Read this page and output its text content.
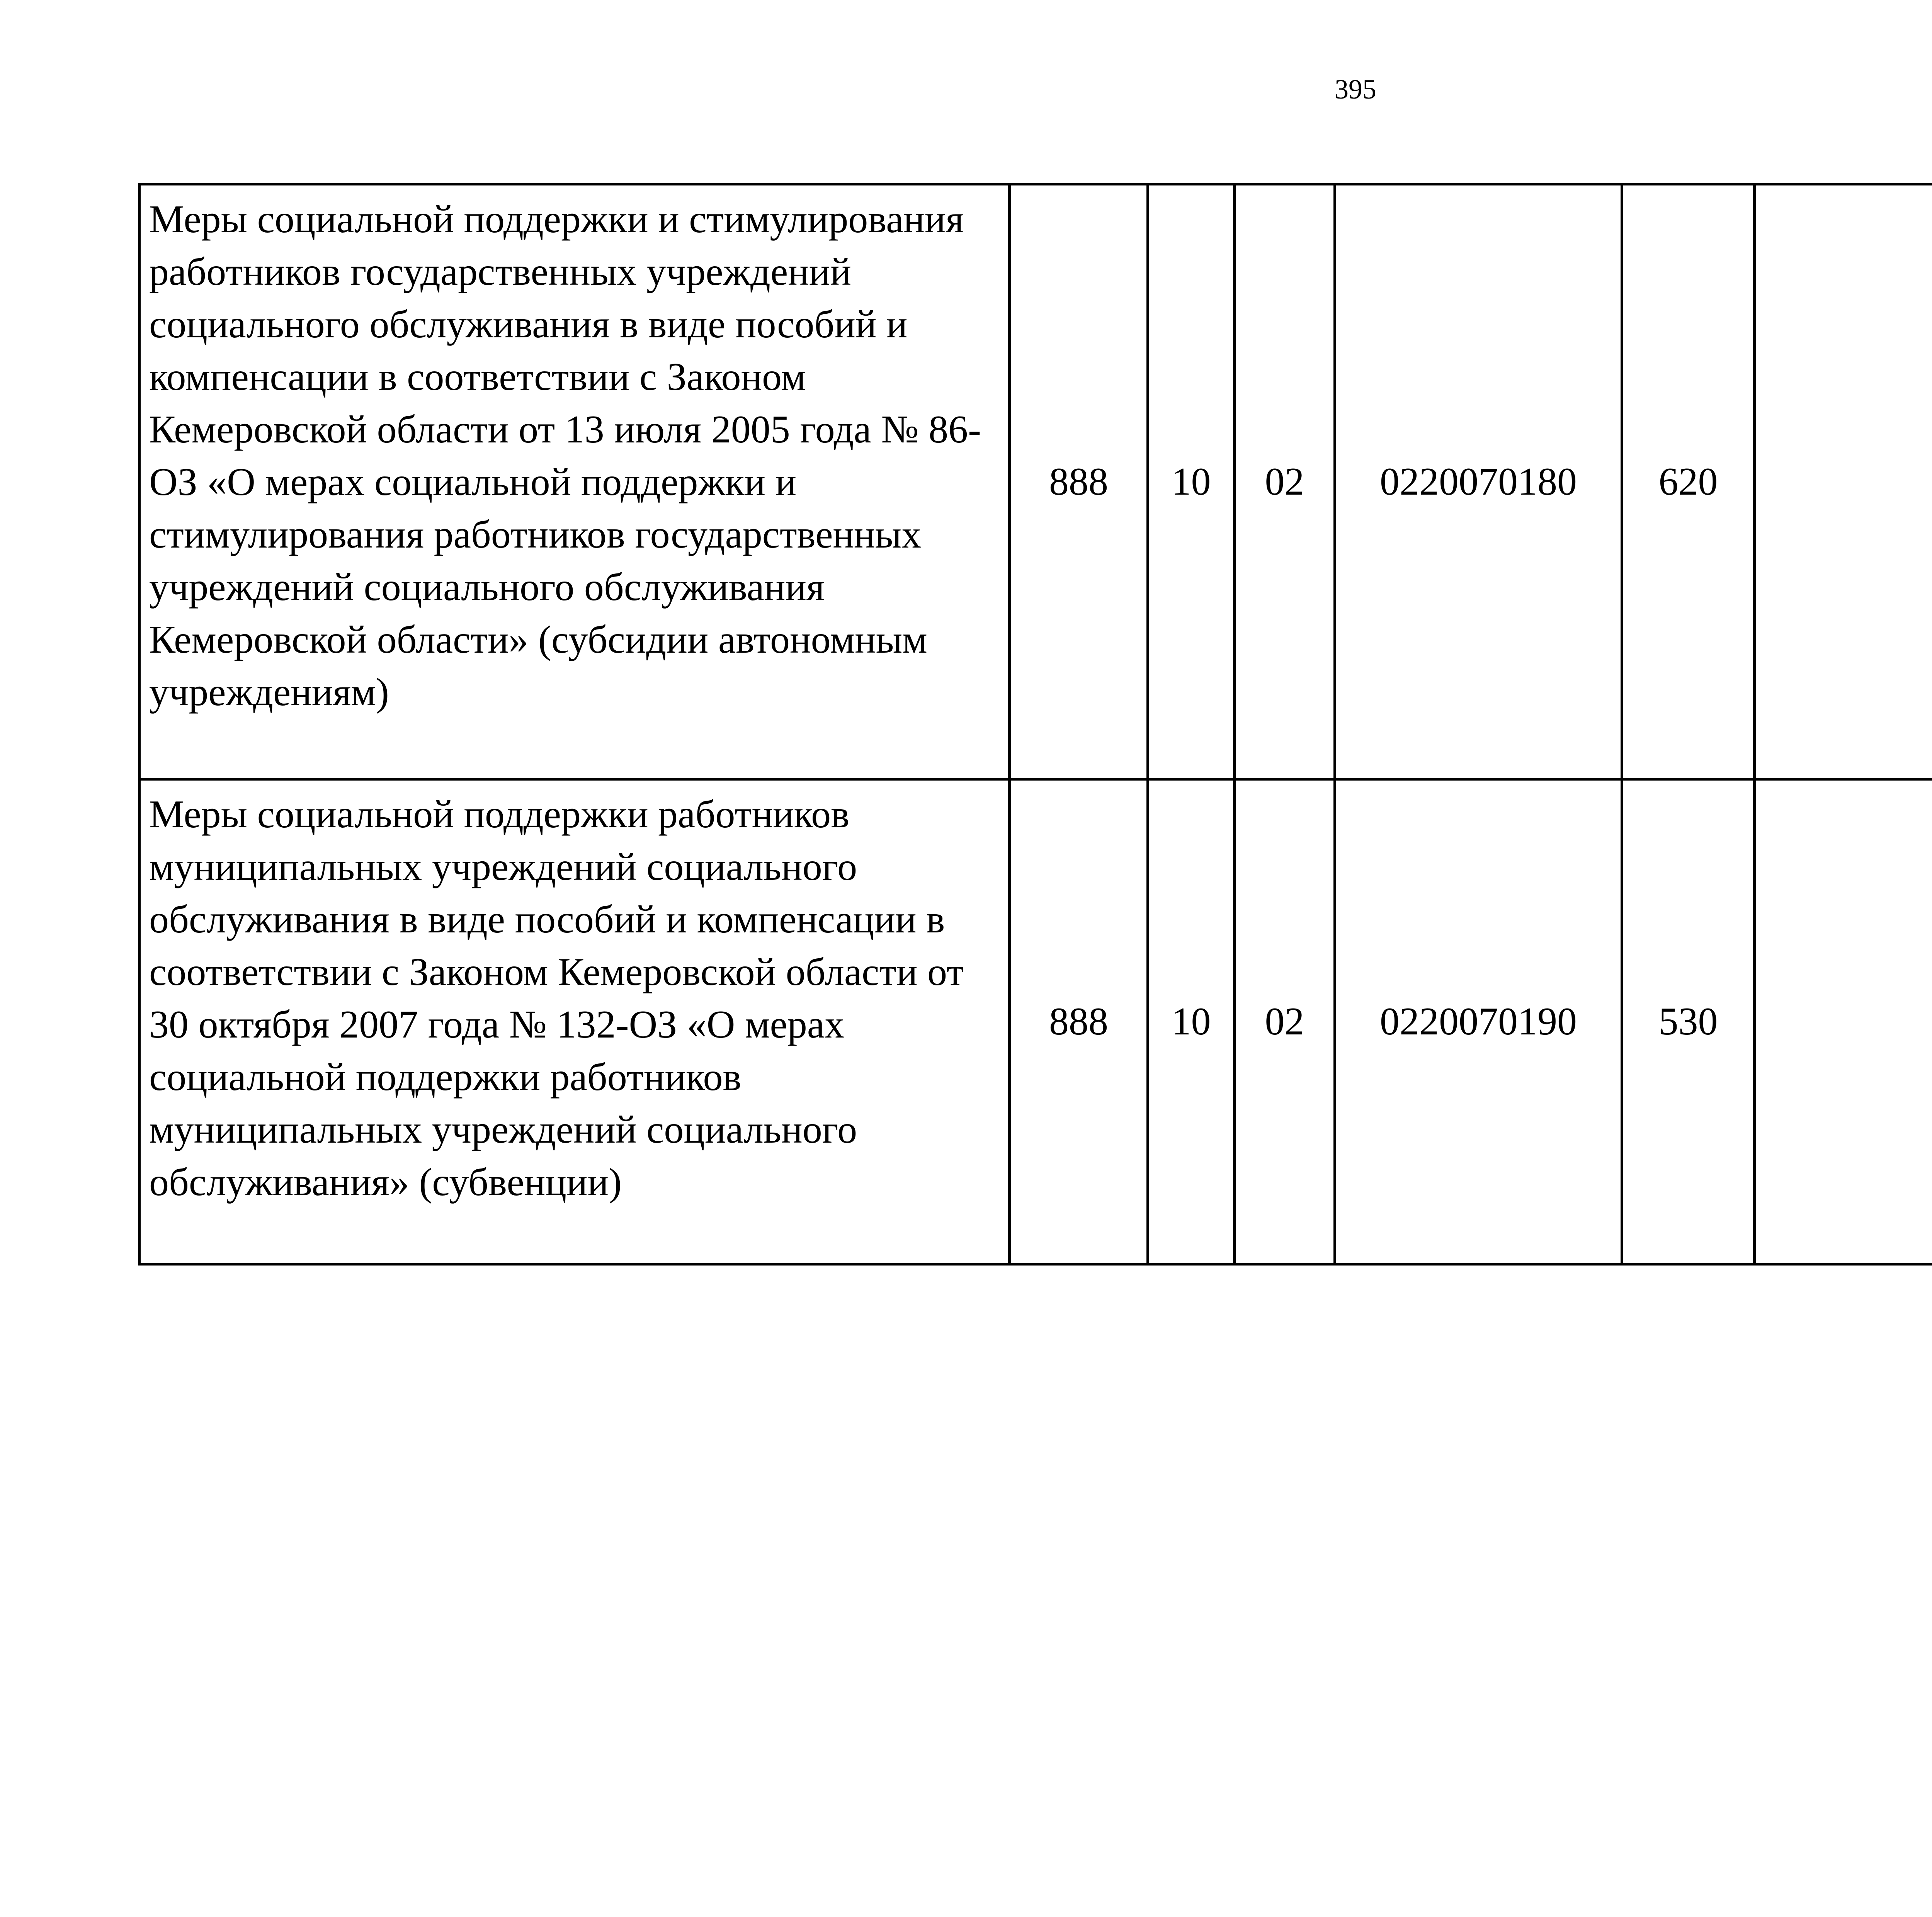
395
Меры социальной поддержки и стимулирования работников государственных учреждений социального обслуживания в виде пособий и компенсации в соответствии с Законом Кемеровской области от 13 июля 2005 года № 86-ОЗ «О мерах социальной поддержки и стимулирования работников государственных учреждений социального обслуживания Кемеровской области» (субсидии автономным учреждениям)	888	10	02	0220070180	620			
Меры социальной поддержки работников муниципальных учреждений социального обслуживания в виде пособий и компенсации в соответствии с Законом Кемеровской области от 30 октября 2007 года № 132-ОЗ «О мерах социальной поддержки работников муниципальных учреждений социального обслуживания» (субвенции)	888	10	02	0220070190	530			
